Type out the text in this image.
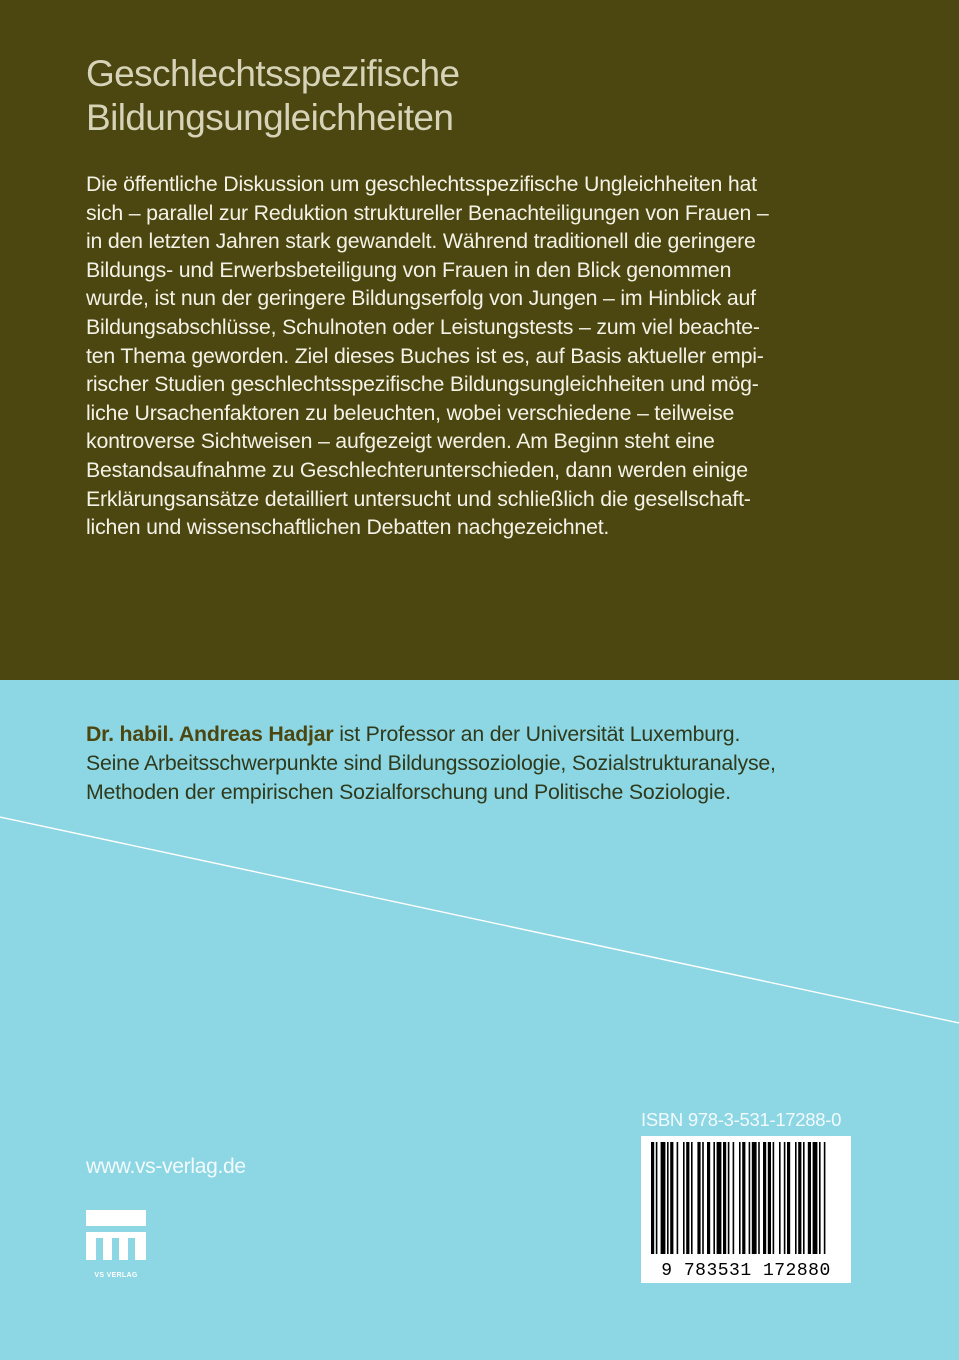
Geschlechtsspezifische
Bildungsungleichheiten
Die öffentliche Diskussion um geschlechtsspezifische Ungleichheiten hat
sich – parallel zur Reduktion struktureller Benachteiligungen von Frauen –
in den letzten Jahren stark gewandelt. Während traditionell die geringere
Bildungs- und Erwerbsbeteiligung von Frauen in den Blick genommen
wurde, ist nun der geringere Bildungserfolg von Jungen – im Hinblick auf
Bildungsabschlüsse, Schulnoten oder Leistungstests – zum viel beachte-
ten Thema geworden. Ziel dieses Buches ist es, auf Basis aktueller empi-
rischer Studien geschlechtsspezifische Bildungsungleichheiten und mög-
liche Ursachenfaktoren zu beleuchten, wobei verschiedene – teilweise
kontroverse Sichtweisen – aufgezeigt werden. Am Beginn steht eine
Bestandsaufnahme zu Geschlechterunterschieden, dann werden einige
Erklärungsansätze detailliert untersucht und schließlich die gesellschaft-
lichen und wissenschaftlichen Debatten nachgezeichnet.
Dr. habil. Andreas Hadjar ist Professor an der Universität Luxemburg.
Seine Arbeitsschwerpunkte sind Bildungssoziologie, Sozialstrukturanalyse,
Methoden der empirischen Sozialforschung und Politische Soziologie.
ISBN 978-3-531-17288-0
9 783531 172880
www.vs-verlag.de
VS VERLAG
